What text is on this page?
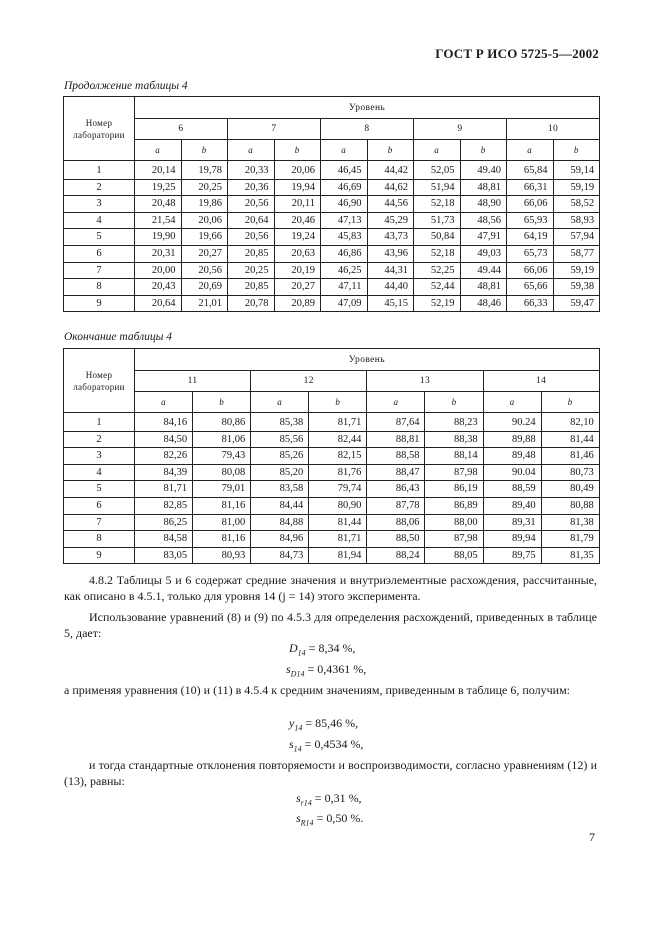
ГОСТ Р ИСО 5725-5—2002
Продолжение таблицы 4
Номер лаборатории	Уровень									
	6		7		8		9		10	
	a	b	a	b	a	b	a	b	a	b
1	20,14	19,78	20,33	20,06	46,45	44,42	52,05	49.40	65,84	59,14
2	19,25	20,25	20,36	19,94	46,69	44,62	51,94	48,81	66,31	59,19
3	20,48	19,86	20,56	20,11	46,90	44,56	52,18	48,90	66,06	58,52
4	21,54	20,06	20,64	20,46	47,13	45,29	51,73	48,56	65,93	58,93
5	19,90	19,66	20,56	19,24	45,83	43,73	50,84	47,91	64,19	57,94
6	20,31	20,27	20,85	20,63	46,86	43,96	52,18	49,03	65,73	58,77
7	20,00	20,56	20,25	20,19	46,25	44,31	52,25	49.44	66,06	59,19
8	20,43	20,69	20,85	20,27	47,11	44,40	52,44	48,81	65,66	59,38
9	20,64	21,01	20,78	20,89	47,09	45,15	52,19	48,46	66,33	59,47
Окончание таблицы 4
Номер лаборатории	Уровень							
	11		12		13		14	
	a	b	a	b	a	b	a	b
1	84,16	80,86	85,38	81,71	87,64	88,23	90.24	82,10
2	84,50	81,06	85,56	82,44	88,81	88,38	89,88	81,44
3	82,26	79,43	85,26	82,15	88,58	88,14	89,48	81,46
4	84,39	80,08	85,20	81,76	88,47	87,98	90.04	80,73
5	81,71	79,01	83,58	79,74	86,43	86,19	88,59	80,49
6	82,85	81,16	84,44	80,90	87,78	86,89	89,40	80,88
7	86,25	81,00	84,88	81,44	88,06	88,00	89,31	81,38
8	84,58	81,16	84,96	81,71	88,50	87,98	89,94	81,79
9	83,05	80,93	84,73	81,94	88,24	88,05	89,75	81,35
4.8.2 Таблицы 5 и 6 содержат средние значения и внутриэлементные расхождения, рассчитанные, как описано в 4.5.1, только для уровня 14 (j = 14) этого эксперимента.
Использование уравнений (8) и (9) по 4.5.3 для определения расхождений, приведенных в таблице 5, дает:
$D_{14} = 8,34$ %,
$s_{D14} = 0,4361$ %,
а применяя уравнения (10) и (11) в 4.5.4 к средним значениям, приведенным в таблице 6, получим:
$y_{14} = 85,46$ %,
$s_{14} = 0,4534$ %,
и тогда стандартные отклонения повторяемости и воспроизводимости, согласно уравнениям (12) и (13), равны:
$s_{r14} = 0,31$ %,
$s_{R14} = 0,50$ %.
7
